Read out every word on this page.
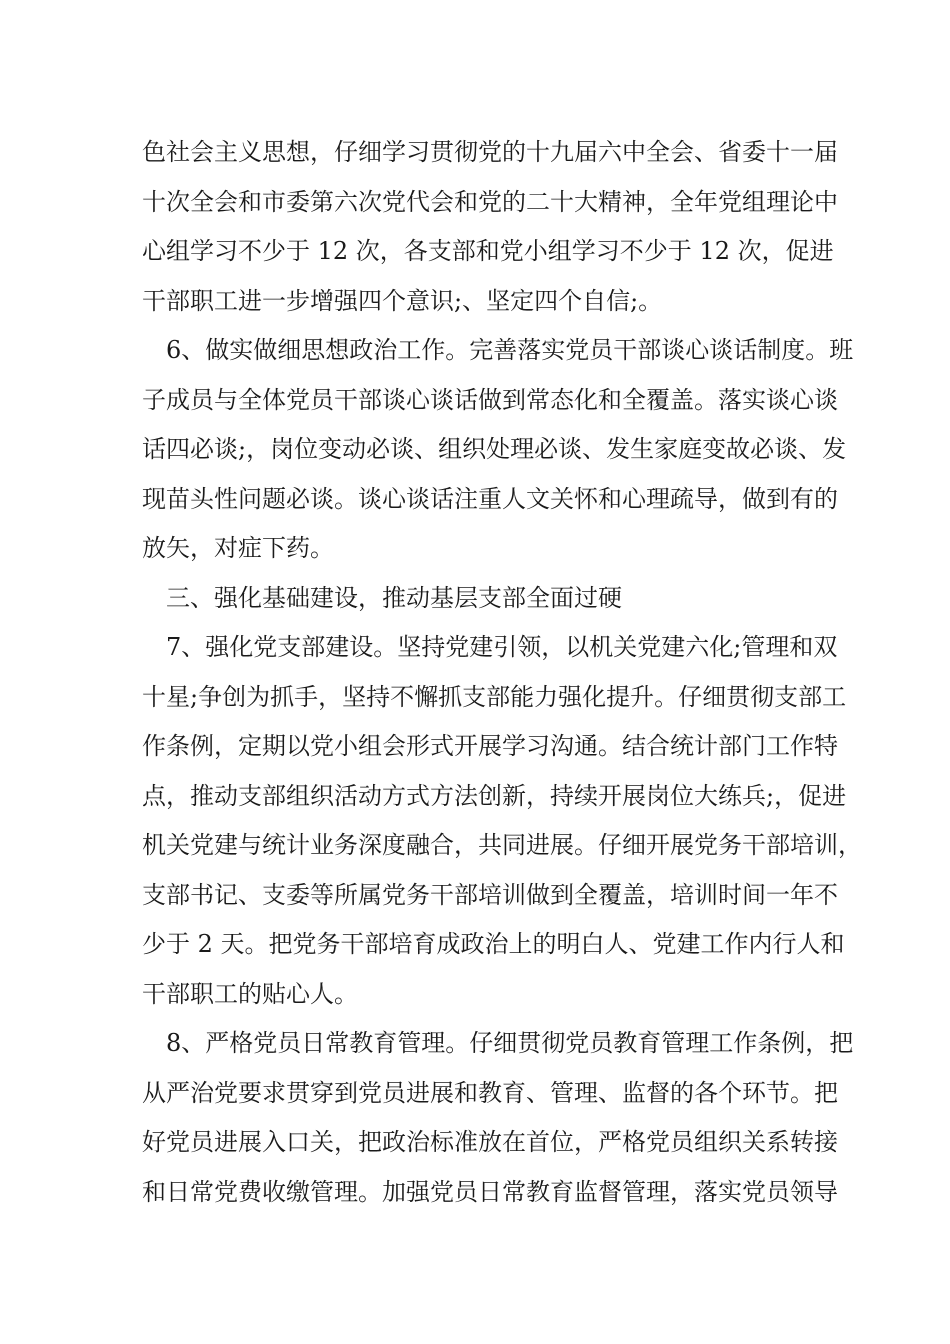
色社会主义思想，仔细学习贯彻党的十九届六中全会、省委十一届
十次全会和市委第六次党代会和党的二十大精神，全年党组理论中
心组学习不少于 12 次，各支部和党小组学习不少于 12 次，促进
干部职工进一步增强四个意识;、坚定四个自信;。
6、做实做细思想政治工作。完善落实党员干部谈心谈话制度。班
子成员与全体党员干部谈心谈话做到常态化和全覆盖。落实谈心谈
话四必谈;，岗位变动必谈、组织处理必谈、发生家庭变故必谈、发
现苗头性问题必谈。谈心谈话注重人文关怀和心理疏导，做到有的
放矢，对症下药。
三、强化基础建设，推动基层支部全面过硬
7、强化党支部建设。坚持党建引领，以机关党建六化;管理和双
十星;争创为抓手，坚持不懈抓支部能力强化提升。仔细贯彻支部工
作条例，定期以党小组会形式开展学习沟通。结合统计部门工作特
点，推动支部组织活动方式方法创新，持续开展岗位大练兵;，促进
机关党建与统计业务深度融合，共同进展。仔细开展党务干部培训，
支部书记、支委等所属党务干部培训做到全覆盖，培训时间一年不
少于 2 天。把党务干部培育成政治上的明白人、党建工作内行人和
干部职工的贴心人。
8、严格党员日常教育管理。仔细贯彻党员教育管理工作条例，把
从严治党要求贯穿到党员进展和教育、管理、监督的各个环节。把
好党员进展入口关，把政治标准放在首位，严格党员组织关系转接
和日常党费收缴管理。加强党员日常教育监督管理，落实党员领导
